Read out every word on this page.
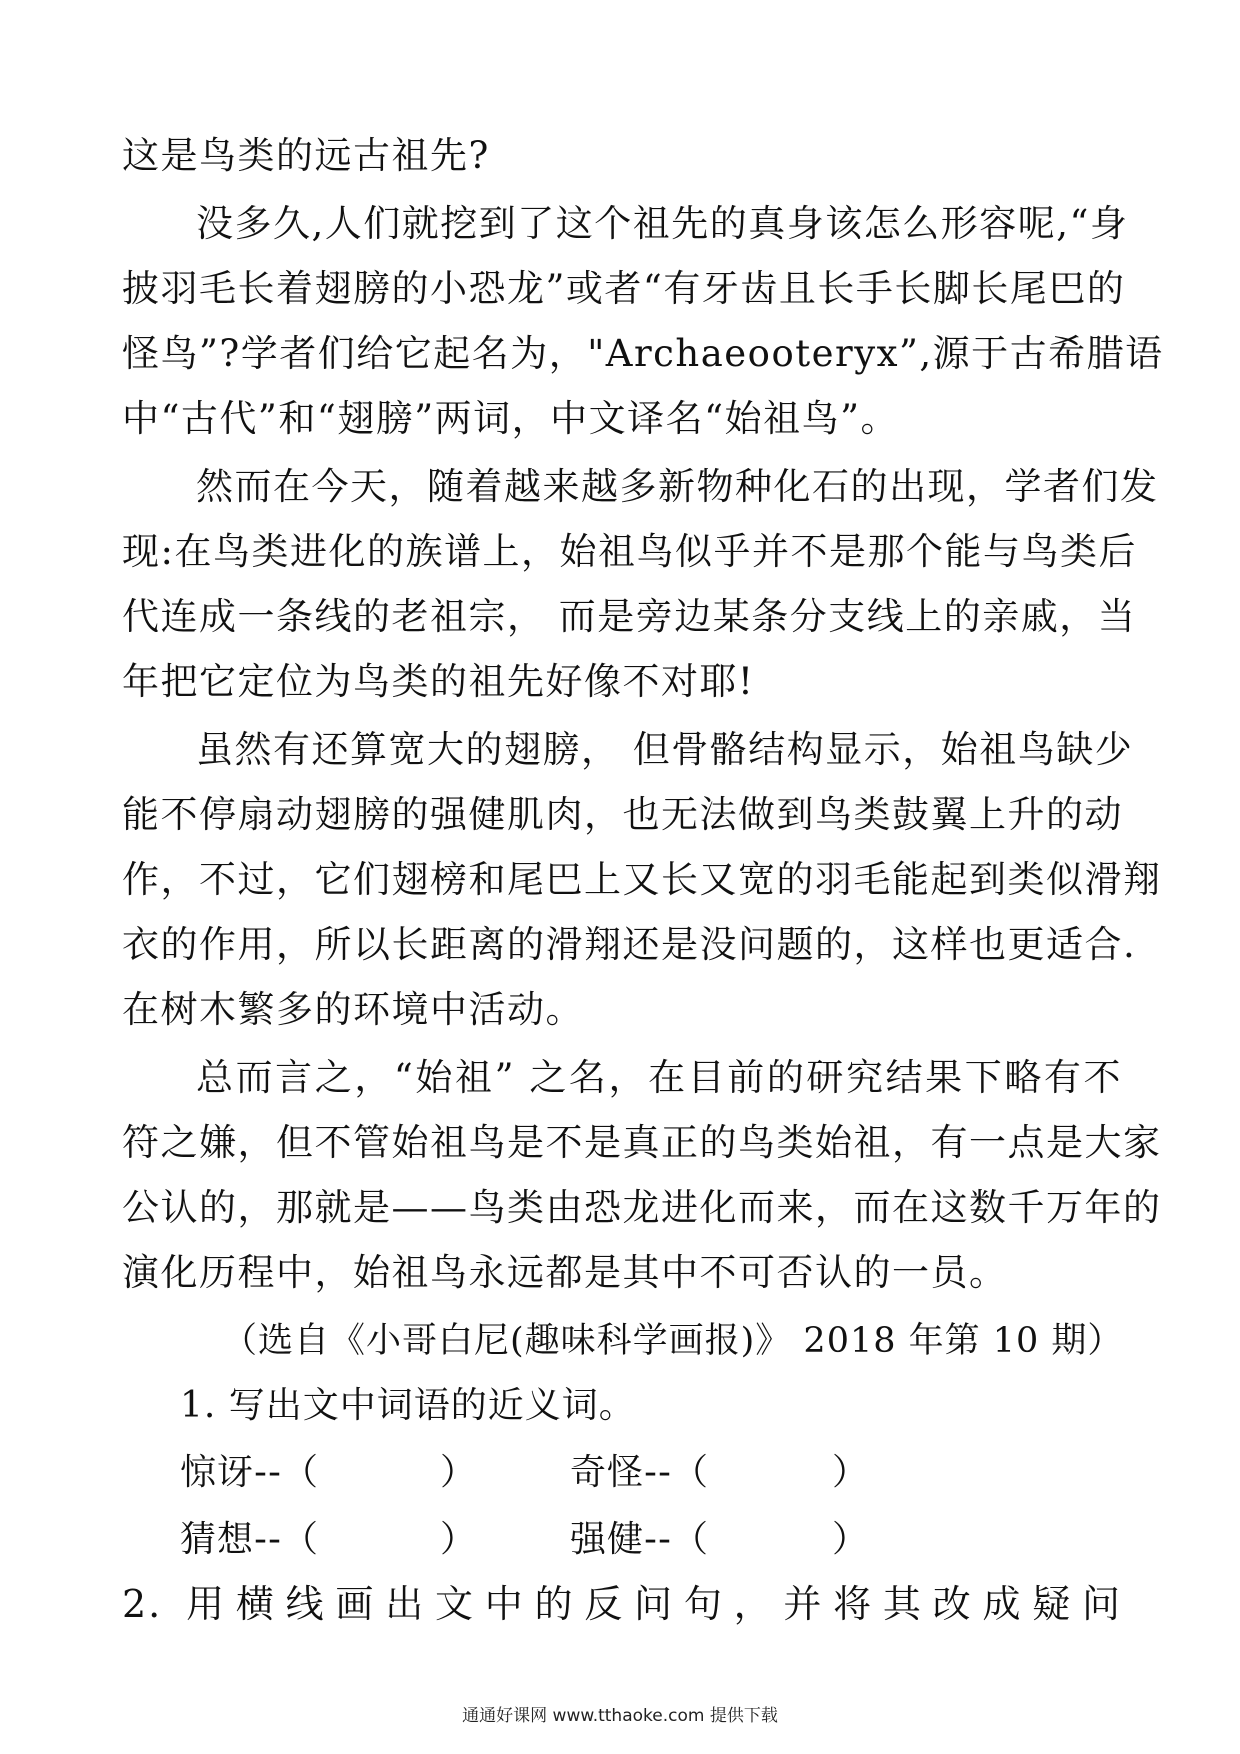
这是鸟类的远古祖先?
没多久,人们就挖到了这个祖先的真身该怎么形容呢,“身
披羽毛长着翅膀的小恐龙”或者“有牙齿且长手长脚长尾巴的
怪鸟”?学者们给它起名为，"Archaeooteryx”,源于古希腊语
中“古代”和“翅膀”两词，中文译名“始祖鸟”。
然而在今天，随着越来越多新物种化石的出现，学者们发
现:在鸟类进化的族谱上，始祖鸟似乎并不是那个能与鸟类后
代连成一条线的老祖宗， 而是旁边某条分支线上的亲戚，当
年把它定位为鸟类的祖先好像不对耶!
虽然有还算宽大的翅膀， 但骨骼结构显示，始祖鸟缺少
能不停扇动翅膀的强健肌肉，也无法做到鸟类鼓翼上升的动
作，不过，它们翅榜和尾巴上又长又宽的羽毛能起到类似滑翔
衣的作用，所以长距离的滑翔还是没问题的，这样也更适合.
在树木繁多的环境中活动。
总而言之，“始祖” 之名，在目前的研究结果下略有不
符之嫌，但不管始祖鸟是不是真正的鸟类始祖，有一点是大家
公认的，那就是——鸟类由恐龙进化而来，而在这数千万年的
演化历程中，始祖鸟永远都是其中不可否认的一员。
（选自《小哥白尼(趣味科学画报)》 2018 年第 10 期）
1. 写出文中词语的近义词。
惊讶--（	）	奇怪--（	）
猜想--（	）	强健--（	）
2. 用横线画出文中的反问句，并将其改成疑问
通通好课网 www.tthaoke.com 提供下载
